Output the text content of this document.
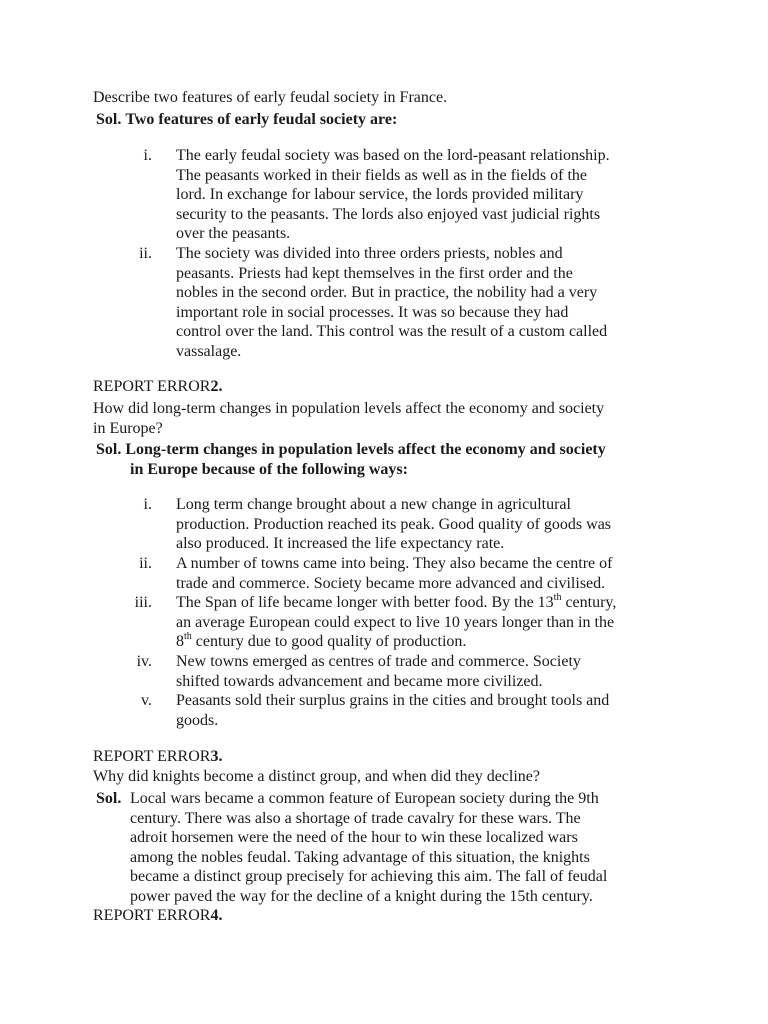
Describe two features of early feudal society in France.
Sol. Two features of early feudal society are:
i. The early feudal society was based on the lord-peasant relationship.
The peasants worked in their fields as well as in the fields of the
lord. In exchange for labour service, the lords provided military
security to the peasants. The lords also enjoyed vast judicial rights
over the peasants.
ii. The society was divided into three orders priests, nobles and
peasants. Priests had kept themselves in the first order and the
nobles in the second order. But in practice, the nobility had a very
important role in social processes. It was so because they had
control over the land. This control was the result of a custom called
vassalage.
REPORT ERROR2.
How did long-term changes in population levels affect the economy and society
in Europe?
Sol. Long-term changes in population levels affect the economy and society
in Europe because of the following ways:
i. Long term change brought about a new change in agricultural
production. Production reached its peak. Good quality of goods was
also produced. It increased the life expectancy rate.
ii. A number of towns came into being. They also became the centre of
trade and commerce. Society became more advanced and civilised.
iii. The Span of life became longer with better food. By the 13th century,
an average European could expect to live 10 years longer than in the
8th century due to good quality of production.
iv. New towns emerged as centres of trade and commerce. Society
shifted towards advancement and became more civilized.
v. Peasants sold their surplus grains in the cities and brought tools and
goods.
REPORT ERROR3.
Why did knights become a distinct group, and when did they decline?
Sol. Local wars became a common feature of European society during the 9th
century. There was also a shortage of trade cavalry for these wars. The
adroit horsemen were the need of the hour to win these localized wars
among the nobles feudal. Taking advantage of this situation, the knights
became a distinct group precisely for achieving this aim. The fall of feudal
power paved the way for the decline of a knight during the 15th century.
REPORT ERROR4.
